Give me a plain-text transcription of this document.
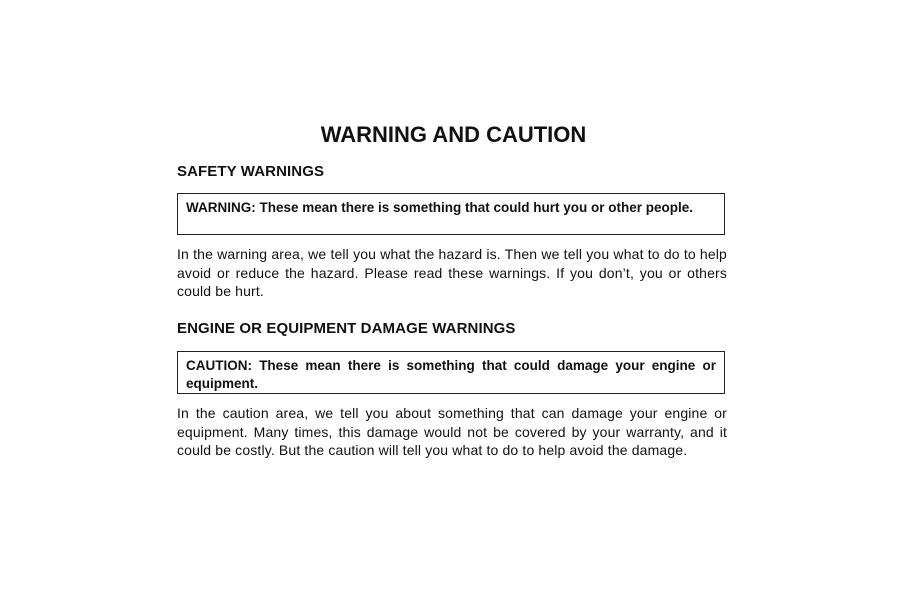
WARNING AND CAUTION
SAFETY WARNINGS
WARNING: These mean there is something that could hurt you or other people.

In the warning area, we tell you what the hazard is. Then we tell you what to do to help avoid or reduce the hazard. Please read these warnings. If you don’t, you or others could be hurt.

ENGINE OR EQUIPMENT DAMAGE WARNINGS
CAUTION: These mean there is something that could damage your engine or equipment.

In the caution area, we tell you about something that can damage your engine or equipment. Many times, this damage would not be covered by your warranty, and it could be costly. But the caution will tell you what to do to help avoid the damage.
